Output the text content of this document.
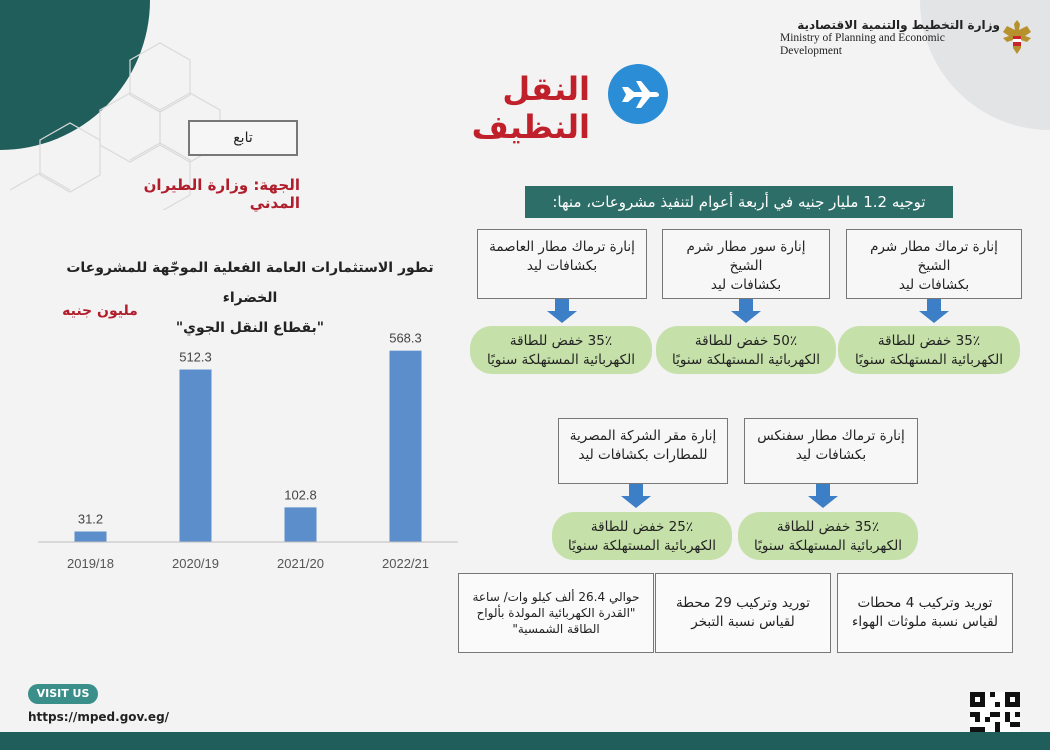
وزارة التخطيط والتنمية الاقتصادية
Ministry of Planning and Economic
Development
النقل النظيف
تابع
الجهة: وزارة الطيران المدني
تطور الاستثمارات العامة الفعلية الموجّهة للمشروعات الخضراء
"بقطاع النقل الجوي"
مليون جنيه
31.2
512.3
102.8
568.3
2019/18	2020/19	2021/20	2022/21
توجيه 1.2 مليار جنيه في أربعة أعوام لتنفيذ مشروعات، منها:
إنارة ترماك مطار شرم الشيخ
بكشافات ليد
إنارة سور مطار شرم الشيخ
بكشافات ليد
إنارة ترماك مطار العاصمة
بكشافات ليد
35٪ خفض للطاقة
الكهربائية المستهلكة سنويًا
50٪ خفض للطاقة
الكهربائية المستهلكة سنويًا
35٪ خفض للطاقة
الكهربائية المستهلكة سنويًا
إنارة ترماك مطار سفنكس
بكشافات ليد
إنارة مقر الشركة المصرية
للمطارات بكشافات ليد
35٪ خفض للطاقة
الكهربائية المستهلكة سنويًا
25٪ خفض للطاقة
الكهربائية المستهلكة سنويًا
توريد وتركيب 4 محطات
لقياس نسبة ملوثات الهواء
توريد وتركيب 29 محطة
لقياس نسبة التبخر
حوالي 26.4 ألف كيلو وات/ ساعة
"القدرة الكهربائية المولدة بألواح
الطاقة الشمسية"
VISIT US
https://mped.gov.eg/
